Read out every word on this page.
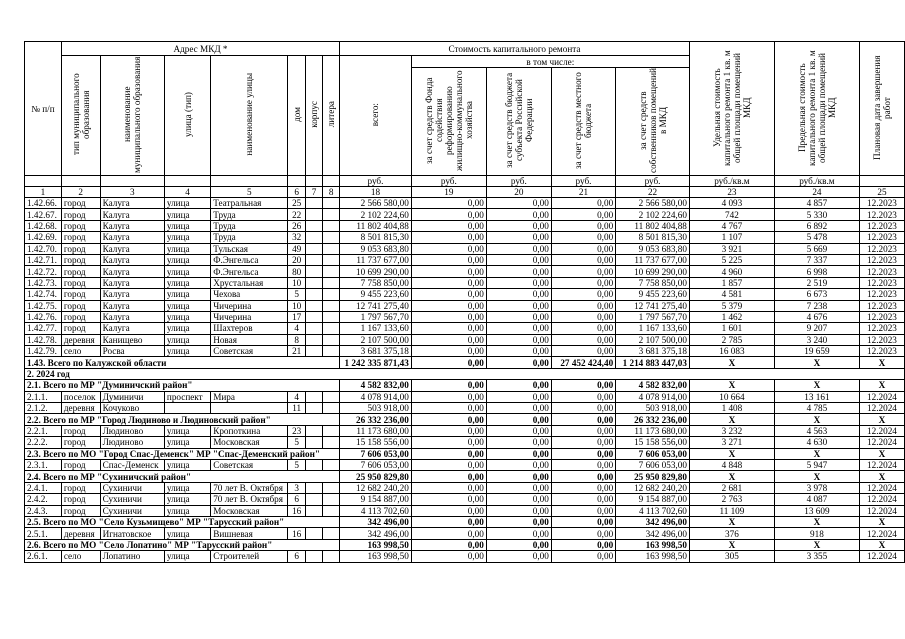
№ п/п	Адрес МКД *							Стоимость капитального ремонта					Удельная стоимость капитального ремонта 1 кв. м общей площади помещений МКД	Предельная стоимость капитального ремонта 1 кв. м общей площади помещений МКД	Плановая дата завершения работ
	тип муниципального образования	наименование муниципального образования	улица (тип)	наименование улицы	дом	корпус	литера	всего:	в том числе:						
									за счет средств Фонда содействия реформированию жилищно-коммунального хозяйства	за счет средств бюджета субъекта Российской Федерации	за счет средств местного бюджета	за счет средств собственников помещений в МКД			
								руб.	руб.	руб.	руб.	руб.	руб./кв.м	руб./кв.м	
1	2	3	4	5	6	7	8	18	19	20	21	22	23	24	25
1.42.66.	город	Калуга	улица	Театральная	25			2 566 580,00	0,00	0,00	0,00	2 566 580,00	4 093	4 857	12.2023
1.42.67.	город	Калуга	улица	Труда	22			2 102 224,60	0,00	0,00	0,00	2 102 224,60	742	5 330	12.2023
1.42.68.	город	Калуга	улица	Труда	26			11 802 404,88	0,00	0,00	0,00	11 802 404,88	4 767	6 892	12.2023
1.42.69.	город	Калуга	улица	Труда	32			8 501 815,30	0,00	0,00	0,00	8 501 815,30	1 107	5 478	12.2023
1.42.70.	город	Калуга	улица	Тульская	49			9 053 683,80	0,00	0,00	0,00	9 053 683,80	3 921	5 669	12.2023
1.42.71.	город	Калуга	улица	Ф.Энгельса	20			11 737 677,00	0,00	0,00	0,00	11 737 677,00	5 225	7 337	12.2023
1.42.72.	город	Калуга	улица	Ф.Энгельса	80			10 699 290,00	0,00	0,00	0,00	10 699 290,00	4 960	6 998	12.2023
1.42.73.	город	Калуга	улица	Хрустальная	10			7 758 850,00	0,00	0,00	0,00	7 758 850,00	1 857	2 519	12.2023
1.42.74.	город	Калуга	улица	Чехова	5			9 455 223,60	0,00	0,00	0,00	9 455 223,60	4 581	6 673	12.2023
1.42.75.	город	Калуга	улица	Чичерина	10			12 741 275,40	0,00	0,00	0,00	12 741 275,40	5 379	7 238	12.2023
1.42.76.	город	Калуга	улица	Чичерина	17			1 797 567,70	0,00	0,00	0,00	1 797 567,70	1 462	4 676	12.2023
1.42.77.	город	Калуга	улица	Шахтеров	4			1 167 133,60	0,00	0,00	0,00	1 167 133,60	1 601	9 207	12.2023
1.42.78.	деревня	Канищево	улица	Новая	8			2 107 500,00	0,00	0,00	0,00	2 107 500,00	2 785	3 240	12.2023
1.42.79.	село	Росва	улица	Советская	21			3 681 375,18	0,00	0,00	0,00	3 681 375,18	16 083	19 659	12.2023
1.43. Всего по Калужской области								1 242 335 871,43	0,00	0,00	27 452 424,40	1 214 883 447,03	X	X	X
2. 2024 год															
2.1. Всего по МР "Думиничский район"								4 582 832,00	0,00	0,00	0,00	4 582 832,00	X	X	X
2.1.1.	поселок	Думиничи	проспект	Мира	4			4 078 914,00	0,00	0,00	0,00	4 078 914,00	10 664	13 161	12.2024
2.1.2.	деревня	Кочуково			11			503 918,00	0,00	0,00	0,00	503 918,00	1 408	4 785	12.2024
2.2. Всего по МР "Город Людиново и Людиновский район"								26 332 236,00	0,00	0,00	0,00	26 332 236,00	X	X	X
2.2.1.	город	Людиново	улица	Кропоткина	23			11 173 680,00	0,00	0,00	0,00	11 173 680,00	3 232	4 563	12.2024
2.2.2.	город	Людиново	улица	Московская	5			15 158 556,00	0,00	0,00	0,00	15 158 556,00	3 271	4 630	12.2024
2.3. Всего по МО "Город Спас-Деменск" МР "Спас-Деменский район"								7 606 053,00	0,00	0,00	0,00	7 606 053,00	X	X	X
2.3.1.	город	Спас-Деменск	улица	Советская	5			7 606 053,00	0,00	0,00	0,00	7 606 053,00	4 848	5 947	12.2024
2.4. Всего по МР "Сухиничский район"								25 950 829,80	0,00	0,00	0,00	25 950 829,80	X	X	X
2.4.1.	город	Сухиничи	улица	70 лет В. Октября	3			12 682 240,20	0,00	0,00	0,00	12 682 240,20	2 681	3 978	12.2024
2.4.2.	город	Сухиничи	улица	70 лет В. Октября	6			9 154 887,00	0,00	0,00	0,00	9 154 887,00	2 763	4 087	12.2024
2.4.3.	город	Сухиничи	улица	Московская	16			4 113 702,60	0,00	0,00	0,00	4 113 702,60	11 109	13 609	12.2024
2.5. Всего по МО "Село Кузьмищево" МР "Тарусский район"								342 496,00	0,00	0,00	0,00	342 496,00	X	X	X
2.5.1.	деревня	Игнатовское	улица	Вишневая	16			342 496,00	0,00	0,00	0,00	342 496,00	376	918	12.2024
2.6. Всего по МО "Село Лопатино" МР "Тарусский район"								163 998,50	0,00	0,00	0,00	163 998,50	X	X	X
2.6.1.	село	Лопатино	улица	Строителей	6			163 998,50	0,00	0,00	0,00	163 998,50	305	3 355	12.2024
